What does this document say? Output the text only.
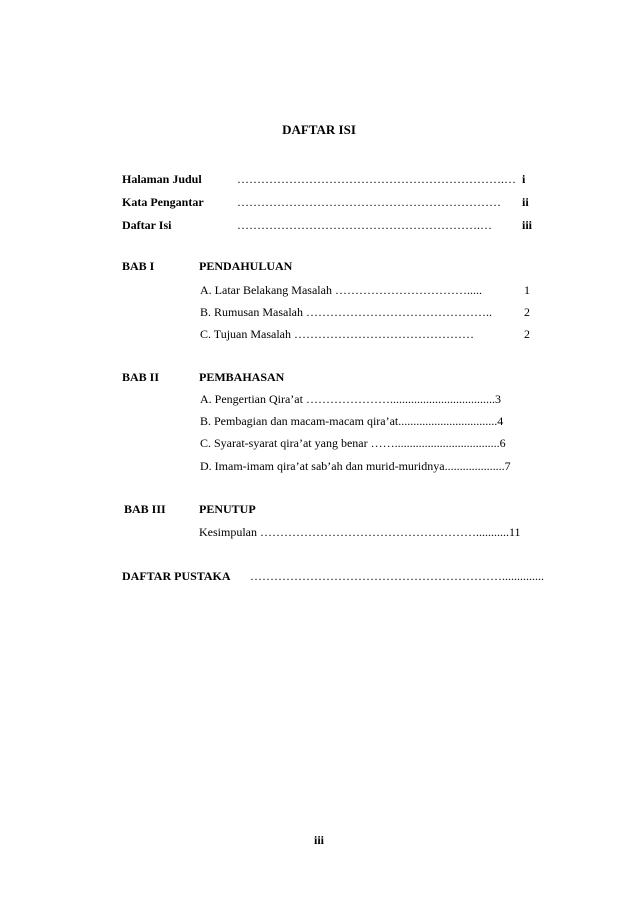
DAFTAR ISI
Halaman Judul	………………………………………………………….… i
Kata Pengantar	………………………………………………………… ii
Daftar Isi	…………………………………………………….…	iii
BAB I	PENDAHULUAN
A. Latar Belakang Masalah …………………………….....	1
B. Rumusan Masalah ………………………………………..	2
C. Tujuan Masalah ………………………………………	2
BAB II	PEMBAHASAN
A. Pengertian Qira’at …………………...................................3
B. Pembagian dan macam-macam qira’at.................................4
C. Syarat-syarat qira’at yang benar ……...................................6
D. Imam-imam qira’at sab’ah dan murid-muridnya....................7
BAB III	PENUTUP
Kesimpulan ………………………………………………...........11
DAFTAR PUSTAKA ………………………………………………………..............
iii
